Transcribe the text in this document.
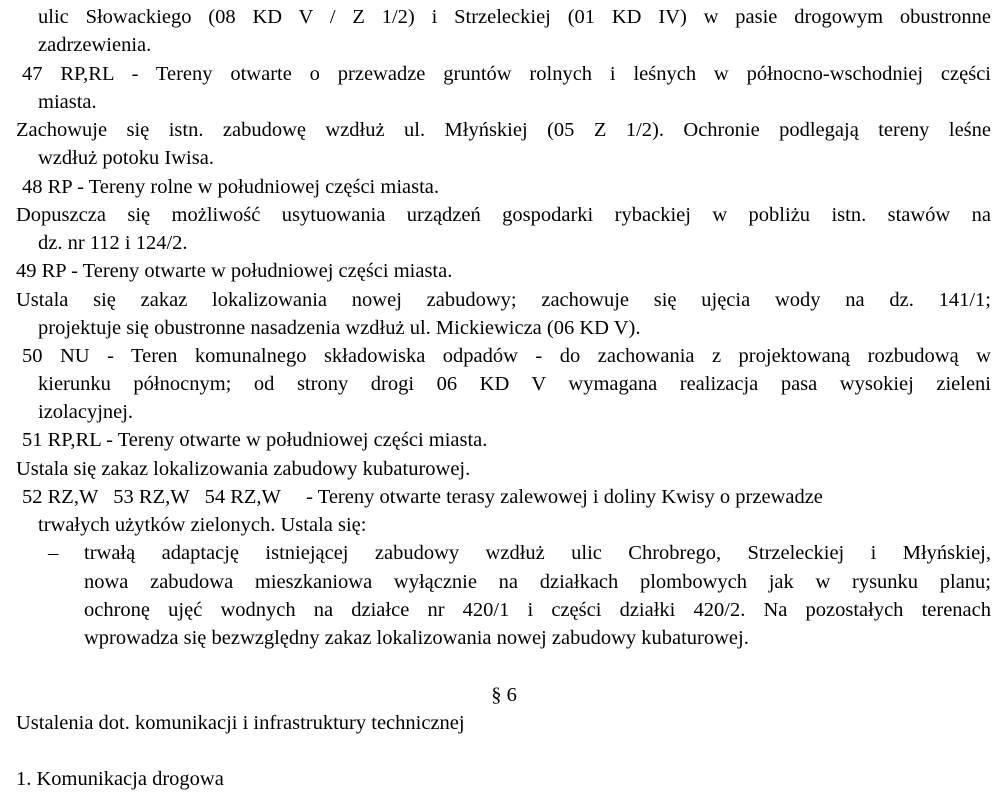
ulic Słowackiego (08 KD V / Z 1/2) i Strzeleckiej (01 KD IV) w pasie drogowym obustronne
zadrzewienia.
47 RP,RL - Tereny otwarte o przewadze gruntów rolnych i leśnych w północno-wschodniej części
miasta.
Zachowuje się istn. zabudowę wzdłuż ul. Młyńskiej (05 Z 1/2). Ochronie podlegają tereny leśne
wzdłuż potoku Iwisa.
48 RP - Tereny rolne w południowej części miasta.
Dopuszcza się możliwość usytuowania urządzeń gospodarki rybackiej w pobliżu istn. stawów na
dz. nr 112 i 124/2.
49 RP - Tereny otwarte w południowej części miasta.
Ustala się zakaz lokalizowania nowej zabudowy; zachowuje się ujęcia wody na dz. 141/1;
projektuje się obustronne nasadzenia wzdłuż ul. Mickiewicza (06 KD V).
50 NU - Teren komunalnego składowiska odpadów - do zachowania z projektowaną rozbudową w
kierunku północnym; od strony drogi 06 KD V wymagana realizacja pasa wysokiej zieleni
izolacyjnej.
51 RP,RL - Tereny otwarte w południowej części miasta.
Ustala się zakaz lokalizowania zabudowy kubaturowej.
52 RZ,W   53 RZ,W   54 RZ,W     - Tereny otwarte terasy zalewowej i doliny Kwisy o przewadze
trwałych użytków zielonych. Ustala się:
– trwałą adaptację istniejącej zabudowy wzdłuż ulic Chrobrego, Strzeleckiej i Młyńskiej,
nowa zabudowa mieszkaniowa wyłącznie na działkach plombowych jak w rysunku planu;
ochronę ujęć wodnych na działce nr 420/1 i części działki 420/2. Na pozostałych terenach
wprowadza się bezwzględny zakaz lokalizowania nowej zabudowy kubaturowej.
§ 6
Ustalenia dot. komunikacji i infrastruktury technicznej
1. Komunikacja drogowa
